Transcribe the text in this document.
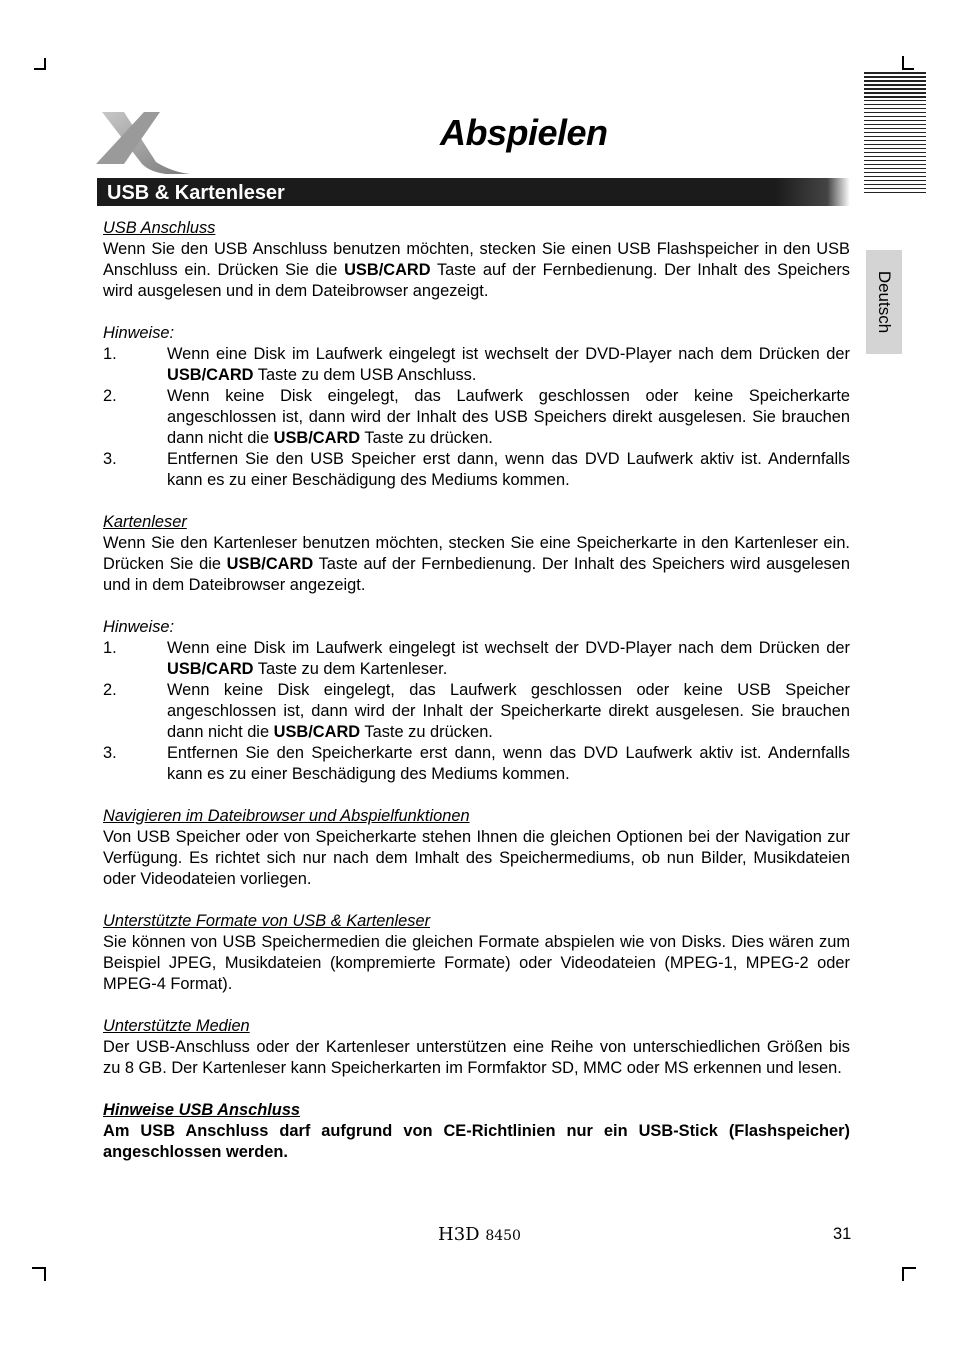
Abspielen
USB & Kartenleser
Deutsch

USB Anschluss

Wenn Sie den USB Anschluss benutzen möchten, stecken Sie einen USB Flashspeicher in den USB Anschluss ein. Drücken Sie die USB/CARD Taste auf der Fernbedienung. Der Inhalt des Speichers wird ausgelesen und in dem Dateibrowser angezeigt.

Hinweise:

1.	Wenn eine Disk im Laufwerk eingelegt ist wechselt der DVD-Player nach dem Drücken der USB/CARD Taste zu dem USB Anschluss.
2.	Wenn keine Disk eingelegt, das Laufwerk geschlossen oder keine Speicherkarte angeschlossen ist, dann wird der Inhalt des USB Speichers direkt ausgelesen. Sie brauchen dann nicht die USB/CARD Taste zu drücken.
3.	Entfernen Sie den USB Speicher erst dann, wenn das DVD Laufwerk aktiv ist. Andernfalls kann es zu einer Beschädigung des Mediums kommen.

Kartenleser

Wenn Sie den Kartenleser benutzen möchten, stecken Sie eine Speicherkarte in den Kartenleser ein. Drücken Sie die USB/CARD Taste auf der Fernbedienung. Der Inhalt des Speichers wird ausgelesen und in dem Dateibrowser angezeigt.

Hinweise:

1.	Wenn eine Disk im Laufwerk eingelegt ist wechselt der DVD-Player nach dem Drücken der USB/CARD Taste zu dem Kartenleser.
2.	Wenn keine Disk eingelegt, das Laufwerk geschlossen oder keine USB Speicher angeschlossen ist, dann wird der Inhalt der Speicherkarte direkt ausgelesen. Sie brauchen dann nicht die USB/CARD Taste zu drücken.
3.	Entfernen Sie den Speicherkarte erst dann, wenn das DVD Laufwerk aktiv ist. Andernfalls kann es zu einer Beschädigung des Mediums kommen.

Navigieren im Dateibrowser und Abspielfunktionen

Von USB Speicher oder von Speicherkarte stehen Ihnen die gleichen Optionen bei der Navigation zur Verfügung. Es richtet sich nur nach dem Imhalt des Speichermediums, ob nun Bilder, Musikdateien oder Videodateien vorliegen.

Unterstützte Formate von USB & Kartenleser

Sie können von USB Speichermedien die gleichen Formate abspielen wie von Disks. Dies wären zum Beispiel JPEG, Musikdateien (kompremierte Formate) oder Videodateien (MPEG-1, MPEG-2 oder MPEG-4 Format).

Unterstützte Medien

Der USB-Anschluss oder der Kartenleser unterstützen eine Reihe von unterschiedlichen Größen bis zu 8 GB. Der Kartenleser kann Speicherkarten im Formfaktor SD, MMC oder MS erkennen und lesen.

Hinweise USB Anschluss

Am USB Anschluss darf aufgrund von CE-Richtlinien nur ein USB-Stick (Flashspeicher) angeschlossen werden.

H3D 8450	31
